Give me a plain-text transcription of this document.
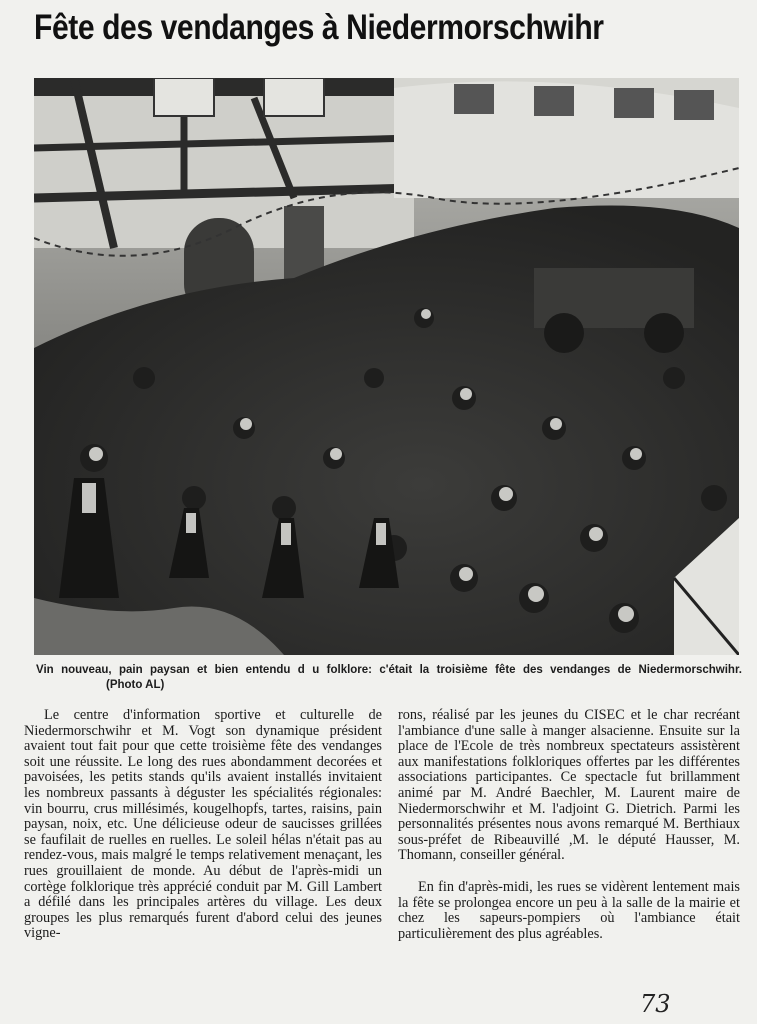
Fête des vendanges à Niedermorschwihr
Vin nouveau, pain paysan et bien entendu d u folklore: c'était la troisième fête des vendanges de Niedermorschwihr. (Photo AL)

Le centre d'information sportive et culturelle de Niedermorschwihr et M. Vogt son dynamique président avaient tout fait pour que cette troisième fête des vendanges soit une réussite. Le long des rues abondamment decorées et pavoisées, les petits stands qu'ils avaient installés invitaient les nombreux passants à déguster les spécialités régionales: vin bourru, crus millésimés, kougelhopfs, tartes, raisins, pain paysan, noix, etc. Une délicieuse odeur de saucisses grillées se faufilait de ruelles en ruelles. Le soleil hélas n'était pas au rendez-vous, mais malgré le temps relativement menaçant, les rues grouillaient de monde. Au début de l'après-midi un cortège folklorique très apprécié conduit par M. Gill Lambert a défilé dans les principales artères du village. Les deux groupes les plus remarqués furent d'abord celui des jeunes vigne-

rons, réalisé par les jeunes du CISEC et le char recréant l'ambiance d'une salle à manger alsacienne. Ensuite sur la place de l'Ecole de très nombreux spectateurs assistèrent aux manifestations folkloriques offertes par les différentes associations participantes. Ce spectacle fut brillamment animé par M. André Baechler, M. Laurent maire de Niedermorschwihr et M. l'adjoint G. Dietrich. Parmi les personnalités présentes nous avons remarqué M. Berthiaux sous-préfet de Ribeauvillé ,M. le député Hausser, M. Thomann, conseiller général.

En fin d'après-midi, les rues se vidèrent lentement mais la fête se prolongea encore un peu à la salle de la mairie et chez les sapeurs-pompiers où l'ambiance était particulièrement des plus agréables.

73
